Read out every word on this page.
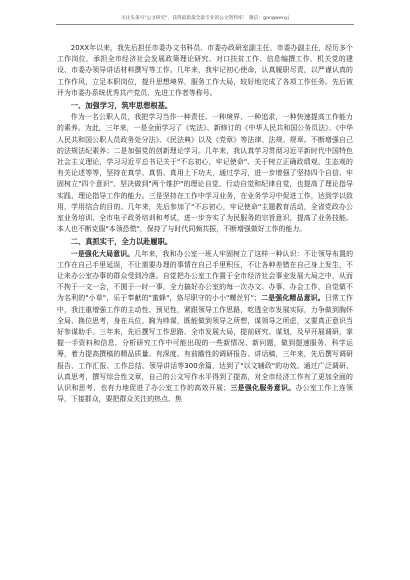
关注头条号"公文研究"，获得最新最全最专业的公文资料库！ 微信：gongwenyj

20XX年以来，我先后担任市委办文书科员、市委办政研室副主任、市委办副主任，经历多个工作岗位，承担全市经济社会发展政策理论研究、对口扶贫工作、信息编撰工作、机关党的建设、市委办领导讲话材料撰写等工作。几年来，我牢记初心使命，认真履职尽责，以严谨认真的工作作风，立足本职岗位，提升思想境界，服务工作大局，较好地完成了各项工作任务。先后被评为市委办系统优秀共产党员、先进工作者等称号。

一、加强学习，筑牢思想根基。

作为一名公职人员，我把学习当作一种责任、一种境界、一种追求，一种快速提高工作能力的素养。为此，三年来，一是全面学习了《宪法》、新修订的《中华人民共和国公务员法》、《中华人民共和国公职人员政务处分法》、《民法典》以及《党章》等法律、法规、规章。不断增强自己的法规法纪素养；二是加强党的创新理论学习。几年来，我认真学习贯彻习近平新时代中国特色社会主义理论，学习习近平总书记关于"不忘初心，牢记使命"、关于树立正确政绩观、生态观的有关论述等等，坚持在真学、真悟、真用上下功夫，通过学习，进一步增强了坚持四个自信、牢固树立"四个意识"、坚决做到"两个维护"的理论自觉、行动自觉和纪律自觉，也提高了理论指导实践、理论指导工作的能力。三是坚持在工作中学习业务，在业务学习中促进工作，达到学以致用，学用结合的目的。几年来，先后参加了"不忘初心，牢记使命"主题教育活动，全省党政办公室业务培训、全市电子政务培训和考试，进一步夯实了为民服务的宗旨意识，提高了业务技能。本人也不断克服"本领恐慌"，保持了与时代同频共振，不断增强做好工作的能力。

二、真抓实干，全力以赴履职。

一是强化大局意识。几年来，我和办公室一班人牢固树立了这样一种认识：不让领导布置的工作在自己手里延误，不让需要办理的事情在自己手里积压，不让各种差错在自己身上发生，不让来办公室办事的群众受到冷落。自觉把办公室工作置于全市经济社会事业发展大局之中，从而不拘于一文一会，不囿于一时一事，全力搞好办公室的每一次办文、办事、办会工作，自觉做不为名利的"小草"，乐于奉献的"蜜蜂"，恪尽职守的小小"螺丝钉"；二是强化精品意识。日常工作中，我注重增强工作的主动性、预见性，紧跟领导工作思路，吃透全市发展实际，力争做到胸怀全局、换位思考，身在兵位、胸为帅谋，既能做到领导之所想，谋领导之所虑，又要真正意识当好参谋助手。三年来，先后撰写工作思路、全市发展大局，提前研究、谋划，及早开展调研，掌握一手资料和信息，分析研究工作中可能出现的一些新情况、新问题，做到提速服务、科学运筹，着力提高撰稿的精品质量、有深度、有前瞻性的调研报告、讲话稿，三年来，先后撰写调研报告、工作汇报、工作总结、领导讲话等300余篇，达到了"以文辅政"的功效。通过广泛调研、认真思考，撰写综合性文章，自己的公文写作水平得到了提高，对全市经济工作有了更加全面的认识和思考，也有力地促进了办公室工作的高效开展；三是强化服务意识。办公室工作上连领导，下接群众，要把群众关注的热点、焦
